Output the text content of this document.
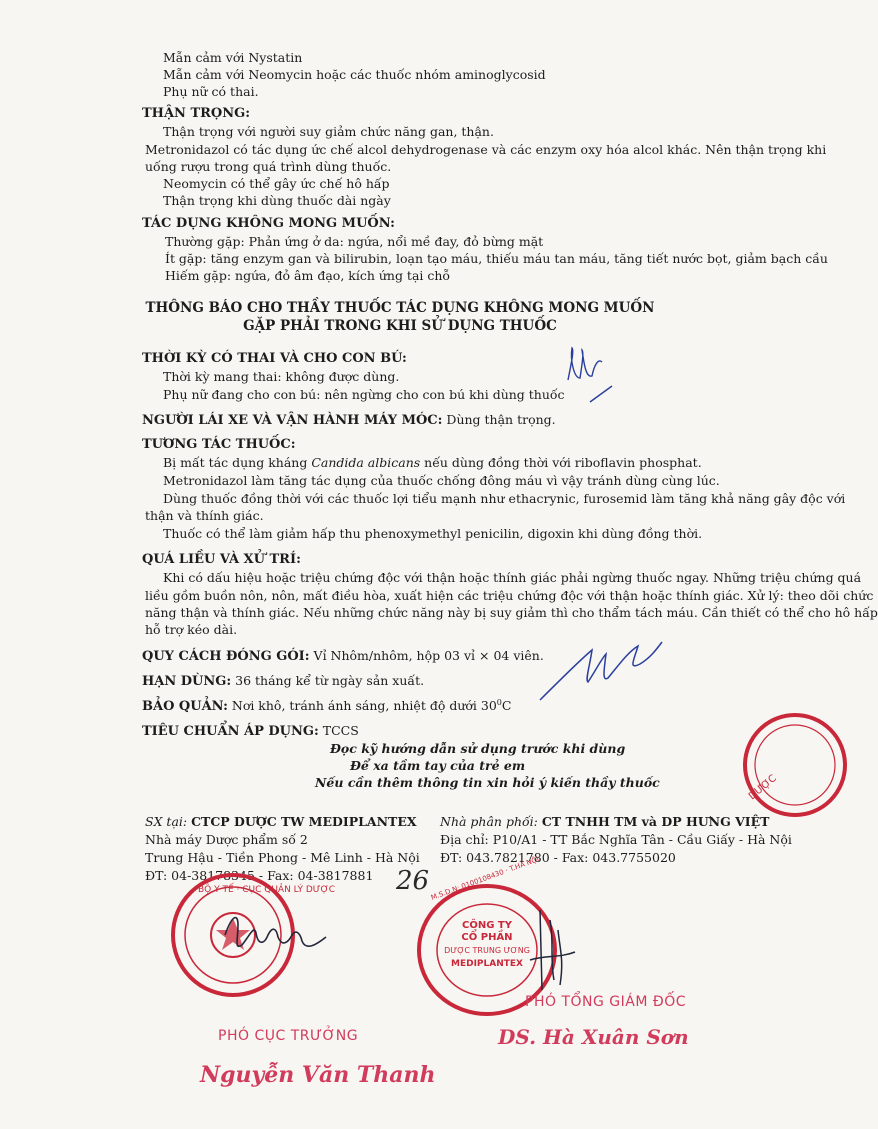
Mẫn cảm với Nystatin
Mẫn cảm với Neomycin hoặc các thuốc nhóm aminoglycosid
Phụ nữ có thai.
THẬN TRỌNG:
Thận trọng với người suy giảm chức năng gan, thận.
Metronidazol có tác dụng ức chế alcol dehydrogenase và các enzym oxy hóa alcol khác. Nên thận trọng khi
uống rượu trong quá trình dùng thuốc.
Neomycin có thể gây ức chế hô hấp
Thận trọng khi dùng thuốc dài ngày
TÁC DỤNG KHÔNG MONG MUỐN:
Thường gặp: Phản ứng ở da: ngứa, nổi mề đay, đỏ bừng mặt
Ít gặp: tăng enzym gan và bilirubin, loạn tạo máu, thiếu máu tan máu, tăng tiết nước bọt, giảm bạch cầu
Hiếm gặp: ngứa, đỏ âm đạo, kích ứng tại chỗ
THÔNG BÁO CHO THẦY THUỐC TÁC DỤNG KHÔNG MONG MUỐN
GẶP PHẢI TRONG KHI SỬ DỤNG THUỐC
THỜI KỲ CÓ THAI VÀ CHO CON BÚ:
Thời kỳ mang thai: không được dùng.
Phụ nữ đang cho con bú: nên ngừng cho con bú khi dùng thuốc
NGƯỜI LÁI XE VÀ VẬN HÀNH MÁY MÓC: Dùng thận trọng.
TƯƠNG TÁC THUỐC:
Bị mất tác dụng kháng Candida albicans nếu dùng đồng thời với riboflavin phosphat.
Metronidazol làm tăng tác dụng của thuốc chống đông máu vì vậy tránh dùng cùng lúc.
Dùng thuốc đồng thời với các thuốc lợi tiểu mạnh như ethacrynic, furosemid làm tăng khả năng gây độc với
thận và thính giác.
Thuốc có thể làm giảm hấp thu phenoxymethyl penicilin, digoxin khi dùng đồng thời.
QUÁ LIỀU VÀ XỬ TRÍ:
Khi có dấu hiệu hoặc triệu chứng độc với thận hoặc thính giác phải ngừng thuốc ngay. Những triệu chứng quá
liều gồm buồn nôn, nôn, mất điều hòa, xuất hiện các triệu chứng độc với thận hoặc thính giác. Xử lý: theo dõi chức
năng thận và thính giác. Nếu những chức năng này bị suy giảm thì cho thẩm tách máu. Cần thiết có thể cho hô hấp
hỗ trợ kéo dài.
QUY CÁCH ĐÓNG GÓI: Vỉ Nhôm/nhôm, hộp 03 vỉ × 04 viên.
HẠN DÙNG: 36 tháng kể từ ngày sản xuất.
BẢO QUẢN: Nơi khô, tránh ánh sáng, nhiệt độ dưới $30^0C$
TIÊU CHUẨN ÁP DỤNG: TCCS
Đọc kỹ hướng dẫn sử dụng trước khi dùng
Để xa tầm tay của trẻ em
Nếu cần thêm thông tin xin hỏi ý kiến thầy thuốc
SX tại: CTCP DƯỢC TW MEDIPLANTEX
Nhà máy Dược phẩm số 2
Trung Hậu - Tiền Phong - Mê Linh - Hà Nội
ĐT: 04-38178345 - Fax: 04-3817881
Nhà phân phối: CT TNHH TM và DP HƯNG VIỆT
Địa chỉ: P10/A1 - TT Bắc Nghĩa Tân - Cầu Giấy - Hà Nội
ĐT: 043.7821780 - Fax: 043.7755020
DƯỢC
26
BỘ Y TẾ · CỤC QUẢN LÝ DƯỢC
CÔNG TY
CỔ PHẦN
DƯỢC TRUNG ƯƠNG
MEDIPLANTEX
M.S.D.N: 0100108430 · T.HÀ NỘI
PHÓ CỤC TRƯỞNG
Nguyễn Văn Thanh
PHÓ TỔNG GIÁM ĐỐC
DS. Hà Xuân Sơn
